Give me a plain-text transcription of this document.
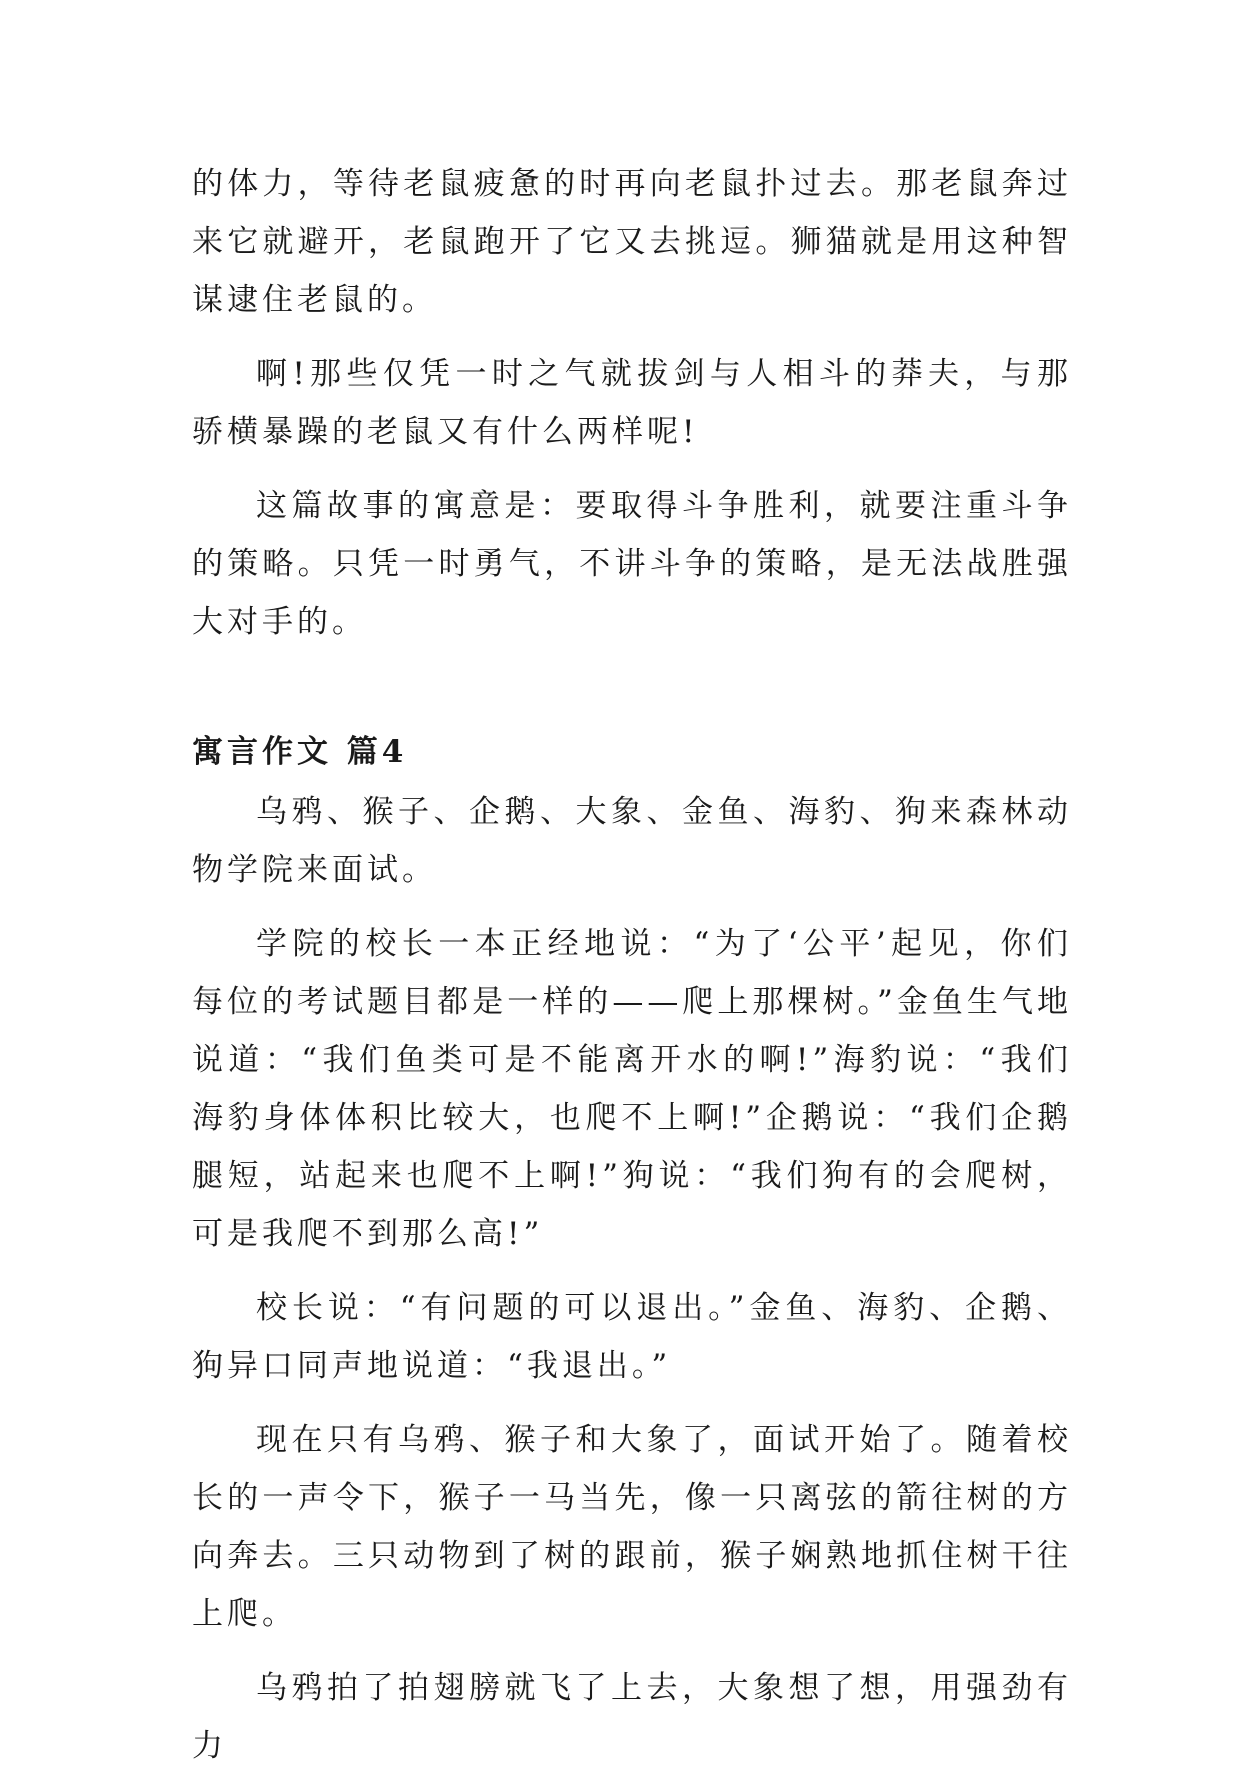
的体力，等待老鼠疲惫的时再向老鼠扑过去。那老鼠奔过来它就避开，老鼠跑开了它又去挑逗。狮猫就是用这种智谋逮住老鼠的。

啊!那些仅凭一时之气就拔剑与人相斗的莽夫，与那骄横暴躁的老鼠又有什么两样呢!

这篇故事的寓意是：要取得斗争胜利，就要注重斗争的策略。只凭一时勇气，不讲斗争的策略，是无法战胜强大对手的。

寓言作文 篇4

乌鸦、猴子、企鹅、大象、金鱼、海豹、狗来森林动物学院来面试。

学院的校长一本正经地说：“为了‘公平’起见，你们每位的考试题目都是一样的——爬上那棵树。”金鱼生气地说道：“我们鱼类可是不能离开水的啊!”海豹说：“我们海豹身体体积比较大，也爬不上啊!”企鹅说：“我们企鹅腿短，站起来也爬不上啊!”狗说：“我们狗有的会爬树，可是我爬不到那么高!”

校长说：“有问题的可以退出。”金鱼、海豹、企鹅、狗异口同声地说道：“我退出。”

现在只有乌鸦、猴子和大象了，面试开始了。随着校长的一声令下，猴子一马当先，像一只离弦的箭往树的方向奔去。三只动物到了树的跟前，猴子娴熟地抓住树干往上爬。

乌鸦拍了拍翅膀就飞了上去，大象想了想，用强劲有力
